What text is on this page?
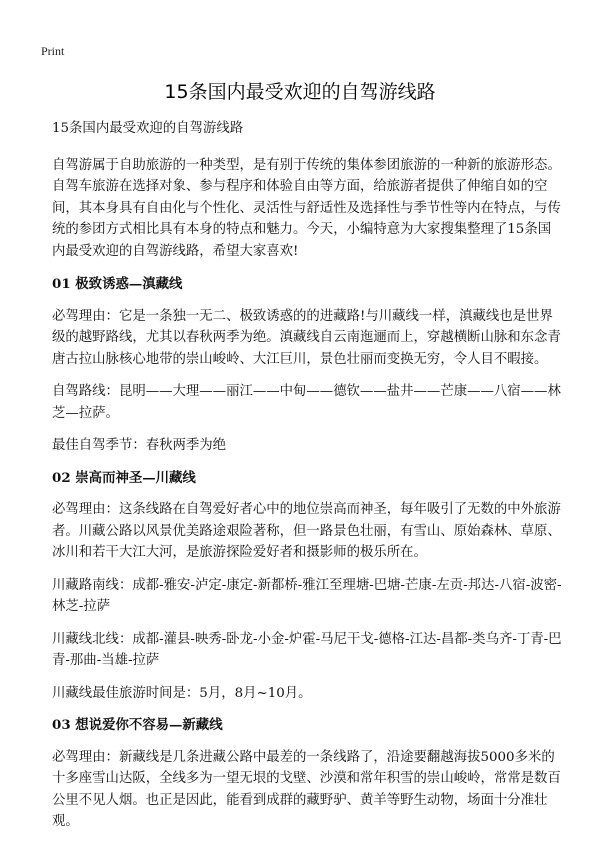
Print
15条国内最受欢迎的自驾游线路

15条国内最受欢迎的自驾游线路

自驾游属于自助旅游的一种类型，是有别于传统的集体参团旅游的一种新的旅游形态。自驾车旅游在选择对象、参与程序和体验自由等方面，给旅游者提供了伸缩自如的空间，其本身具有自由化与个性化、灵活性与舒适性及选择性与季节性等内在特点，与传统的参团方式相比具有本身的特点和魅力。今天，小编特意为大家搜集整理了15条国内最受欢迎的自驾游线路，希望大家喜欢!

01 极致诱惑—滇藏线

必驾理由：它是一条独一无二、极致诱惑的的进藏路!与川藏线一样，滇藏线也是世界级的越野路线，尤其以春秋两季为绝。滇藏线自云南迤逦而上，穿越横断山脉和东念青唐古拉山脉核心地带的崇山峻岭、大江巨川，景色壮丽而变换无穷，令人目不暇接。

自驾路线：昆明——大理——丽江——中甸——德钦——盐井——芒康——八宿——林芝—拉萨。

最佳自驾季节：春秋两季为绝

02 崇高而神圣—川藏线

必驾理由：这条线路在自驾爱好者心中的地位崇高而神圣，每年吸引了无数的中外旅游者。川藏公路以风景优美路途艰险著称，但一路景色壮丽，有雪山、原始森林、草原、冰川和若干大江大河，是旅游探险爱好者和摄影师的极乐所在。

川藏路南线：成都-雅安-泸定-康定-新都桥-雅江至理塘-巴塘-芒康-左贡-邦达-八宿-波密-林芝-拉萨

川藏线北线：成都-灌县-映秀-卧龙-小金-炉霍-马尼干戈-德格-江达-昌都-类乌齐-丁青-巴青-那曲-当雄-拉萨

川藏线最佳旅游时间是：5月，8月~10月。

03 想说爱你不容易—新藏线

必驾理由：新藏线是几条进藏公路中最差的一条线路了，沿途要翻越海拔5000多米的十多座雪山达阪，全线多为一望无垠的戈壁、沙漠和常年积雪的崇山峻岭，常常是数百公里不见人烟。也正是因此，能看到成群的藏野驴、黄羊等野生动物，场面十分准壮观。
